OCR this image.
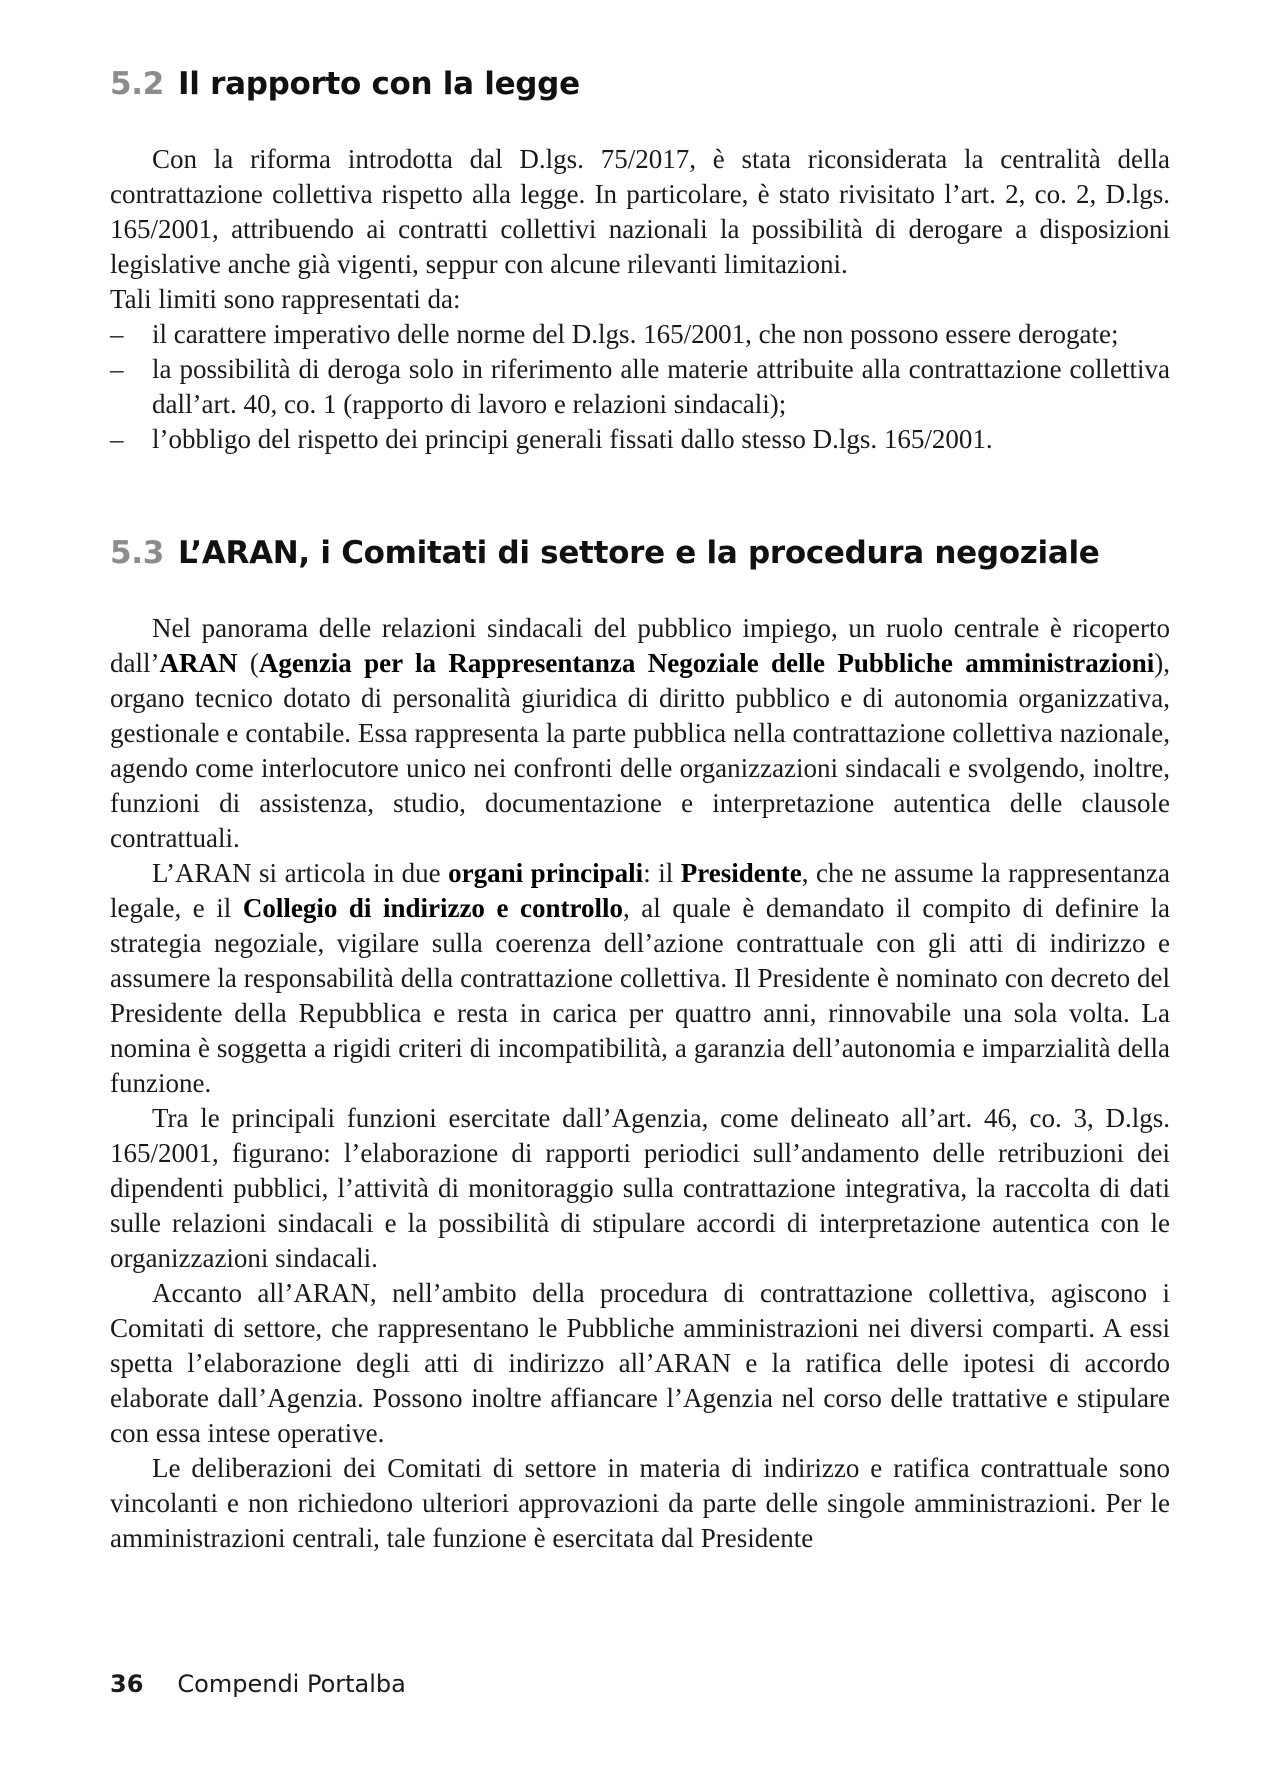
5.2 Il rapporto con la legge

Con la riforma introdotta dal D.lgs. 75/2017, è stata riconsiderata la centralità della contrattazione collettiva rispetto alla legge. In particolare, è stato rivisitato l’art. 2, co. 2, D.lgs. 165/2001, attribuendo ai contratti collettivi nazionali la possibilità di derogare a disposizioni legislative anche già vigenti, seppur con alcune rilevanti limitazioni.

Tali limiti sono rappresentati da:
– il carattere imperativo delle norme del D.lgs. 165/2001, che non possono essere derogate;
– la possibilità di deroga solo in riferimento alle materie attribuite alla contrattazione collettiva dall’art. 40, co. 1 (rapporto di lavoro e relazioni sindacali);
– l’obbligo del rispetto dei principi generali fissati dallo stesso D.lgs. 165/2001.
5.3 L’ARAN, i Comitati di settore e la procedura negoziale

Nel panorama delle relazioni sindacali del pubblico impiego, un ruolo centrale è ricoperto dall’ARAN (Agenzia per la Rappresentanza Negoziale delle Pubbliche amministrazioni), organo tecnico dotato di personalità giuridica di diritto pubblico e di autonomia organizzativa, gestionale e contabile. Essa rappresenta la parte pubblica nella contrattazione collettiva nazionale, agendo come interlocutore unico nei confronti delle organizzazioni sindacali e svolgendo, inoltre, funzioni di assistenza, studio, documentazione e interpretazione autentica delle clausole contrattuali.

L’ARAN si articola in due organi principali: il Presidente, che ne assume la rappresentanza legale, e il Collegio di indirizzo e controllo, al quale è demandato il compito di definire la strategia negoziale, vigilare sulla coerenza dell’azione contrattuale con gli atti di indirizzo e assumere la responsabilità della contrattazione collettiva. Il Presidente è nominato con decreto del Presidente della Repubblica e resta in carica per quattro anni, rinnovabile una sola volta. La nomina è soggetta a rigidi criteri di incompatibilità, a garanzia dell’autonomia e imparzialità della funzione.

Tra le principali funzioni esercitate dall’Agenzia, come delineato all’art. 46, co. 3, D.lgs. 165/2001, figurano: l’elaborazione di rapporti periodici sull’andamento delle retribuzioni dei dipendenti pubblici, l’attività di monitoraggio sulla contrattazione integrativa, la raccolta di dati sulle relazioni sindacali e la possibilità di stipulare accordi di interpretazione autentica con le organizzazioni sindacali.

Accanto all’ARAN, nell’ambito della procedura di contrattazione collettiva, agiscono i Comitati di settore, che rappresentano le Pubbliche amministrazioni nei diversi comparti. A essi spetta l’elaborazione degli atti di indirizzo all’ARAN e la ratifica delle ipotesi di accordo elaborate dall’Agenzia. Possono inoltre affiancare l’Agenzia nel corso delle trattative e stipulare con essa intese operative.

Le deliberazioni dei Comitati di settore in materia di indirizzo e ratifica contrattuale sono vincolanti e non richiedono ulteriori approvazioni da parte delle singole amministrazioni. Per le amministrazioni centrali, tale funzione è esercitata dal Presidente

36 Compendi Portalba
